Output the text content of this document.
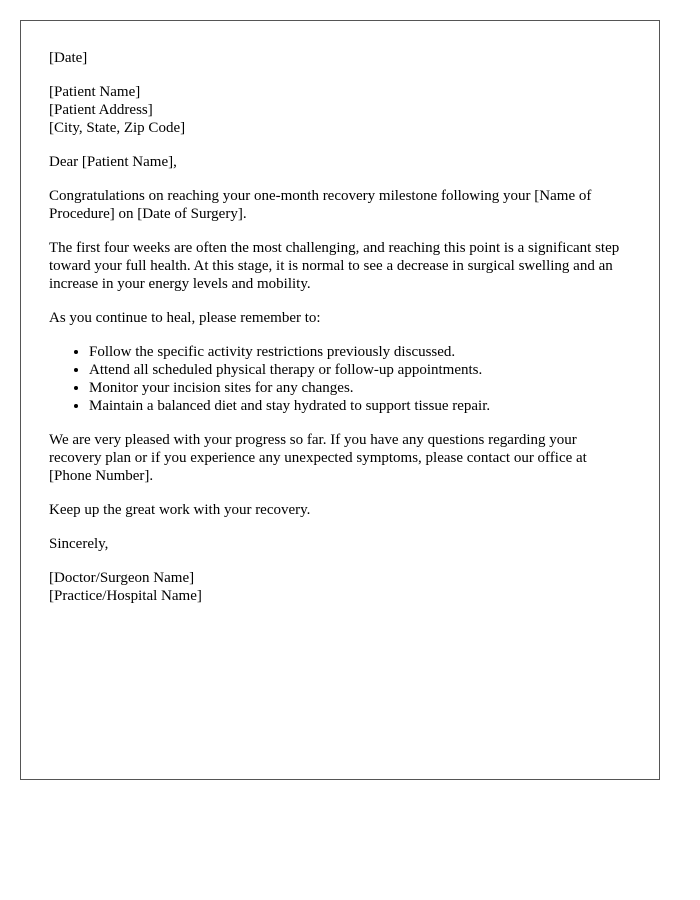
[Date]
[Patient Name]
[Patient Address]
[City, State, Zip Code]
Dear [Patient Name],

Congratulations on reaching your one-month recovery milestone following your [Name of Procedure] on [Date of Surgery].

The first four weeks are often the most challenging, and reaching this point is a significant step toward your full health. At this stage, it is normal to see a decrease in surgical swelling and an increase in your energy levels and mobility.

As you continue to heal, please remember to:

• Follow the specific activity restrictions previously discussed.
• Attend all scheduled physical therapy or follow-up appointments.
• Monitor your incision sites for any changes.
• Maintain a balanced diet and stay hydrated to support tissue repair.

We are very pleased with your progress so far. If you have any questions regarding your recovery plan or if you experience any unexpected symptoms, please contact our office at [Phone Number].

Keep up the great work with your recovery.

Sincerely,
[Doctor/Surgeon Name]
[Practice/Hospital Name]
